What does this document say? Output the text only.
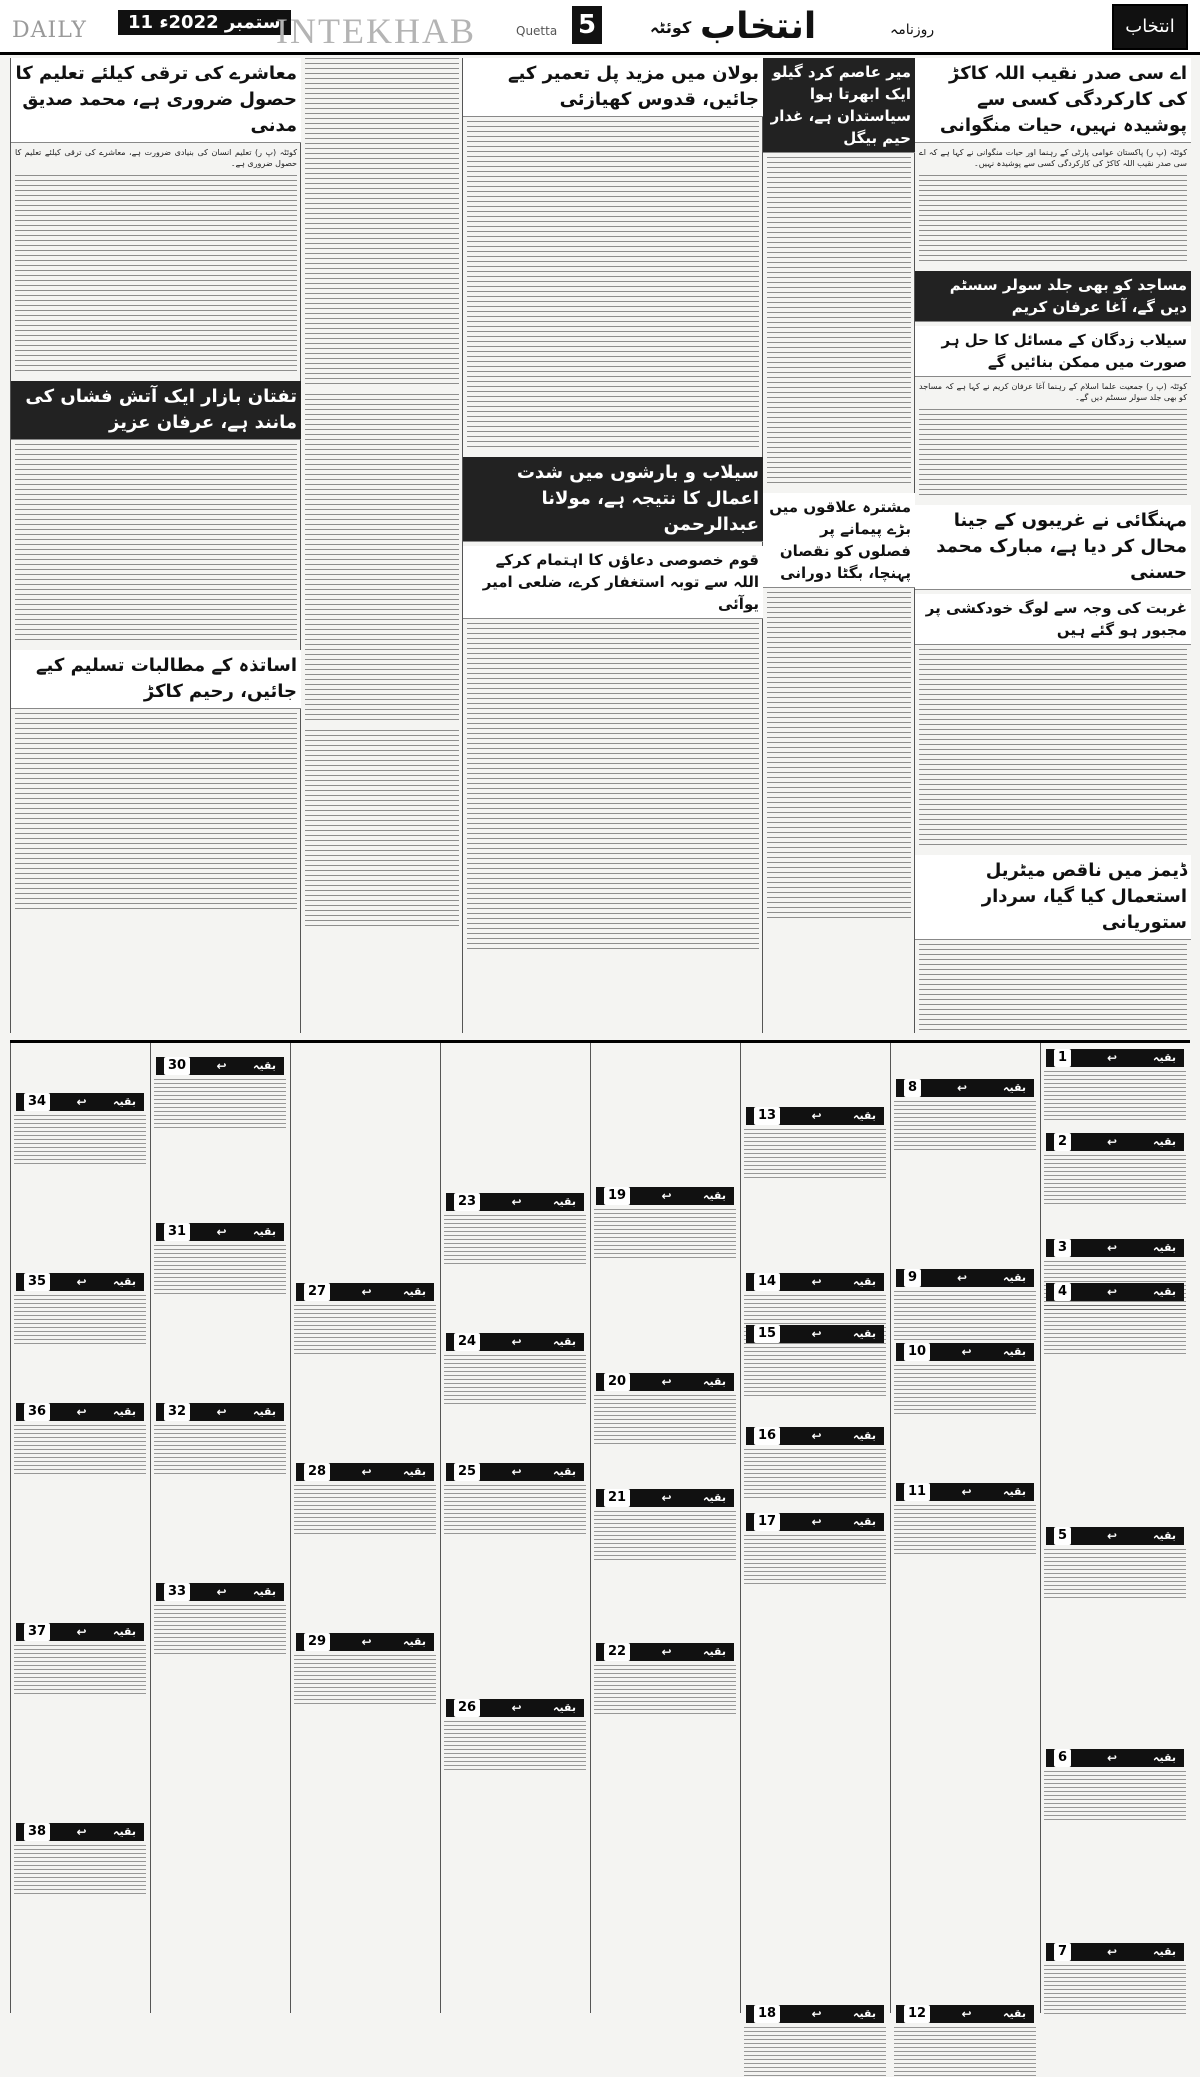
DAILY	11 ستمبر 2022ء
INTEKHAB	Quetta 5	کوئٹہ انتخاب	روزنامہ	انتخاب
اے سی صدر نقیب اللہ کاکڑ کی کارکردگی کسی سے پوشیدہ نہیں، حیات منگوانی
کوئٹہ (پ ر) پاکستان عوامی پارٹی کے رہنما اور حیات منگوانی نے کہا ہے کہ اے سی صدر نقیب اللہ کاکڑ کی کارکردگی کسی سے پوشیدہ نہیں۔
مساجد کو بھی جلد سولر سسٹم دیں گے، آغا عرفان کریم
سیلاب زدگان کے مسائل کا حل ہر صورت میں ممکن بنائیں گے
کوئٹہ (پ ر) جمعیت علما اسلام کے رہنما آغا عرفان کریم نے کہا ہے کہ مساجد کو بھی جلد سولر سسٹم دیں گے۔
مہنگائی نے غریبوں کے جینا محال کر دیا ہے، مبارک محمد حسنی
غربت کی وجہ سے لوگ خودکشی پر مجبور ہو گئے ہیں
ڈیمز میں ناقص میٹریل استعمال کیا گیا، سردار ستوریانی
میر عاصم کرد گیلو ایک ابھرتا ہوا سیاستدان ہے، غدار حیم بیگل
مشترہ علاقوں میں بڑے پیمانے پر فصلوں کو نقصان پہنچا، بگٹا دورانی
بولان میں مزید پل تعمیر کیے جائیں، قدوس کھیازئی
سیلاب و بارشوں میں شدت اعمال کا نتیجہ ہے، مولانا عبدالرحمن
قوم خصوصی دعاؤں کا اہتمام کرکے اللہ سے توبہ استغفار کرے، ضلعی امیر یوآئی
معاشرے کی ترقی کیلئے تعلیم کا حصول ضروری ہے، محمد صدیق مدنی
کوئٹہ (پ ر) تعلیم انسان کی بنیادی ضرورت ہے، معاشرے کی ترقی کیلئے تعلیم کا حصول ضروری ہے۔
تفتان بازار ایک آتش فشاں کی مانند ہے، عرفان عزیز
اساتذہ کے مطالبات تسلیم کیے جائیں، رحیم کاکڑ
1	↩	بقیہ
2	↩	بقیہ
3	↩	بقیہ
4	↩	بقیہ
5	↩	بقیہ
6	↩	بقیہ
7	↩	بقیہ
8	↩	بقیہ
9	↩	بقیہ
10	↩	بقیہ
11	↩	بقیہ
12	↩	بقیہ
13	↩	بقیہ
14	↩	بقیہ
15	↩	بقیہ
16	↩	بقیہ
17	↩	بقیہ
18	↩	بقیہ
19	↩	بقیہ
20	↩	بقیہ
21	↩	بقیہ
22	↩	بقیہ
23	↩	بقیہ
24	↩	بقیہ
25	↩	بقیہ
26	↩	بقیہ
27	↩	بقیہ
28	↩	بقیہ
29	↩	بقیہ
30	↩ بقیہ
31	↩ بقیہ
32	↩ بقیہ
33	↩ بقیہ
34	↩ بقیہ
35	↩ بقیہ
36	↩ بقیہ
37	↩ بقیہ
38	↩ بقیہ
